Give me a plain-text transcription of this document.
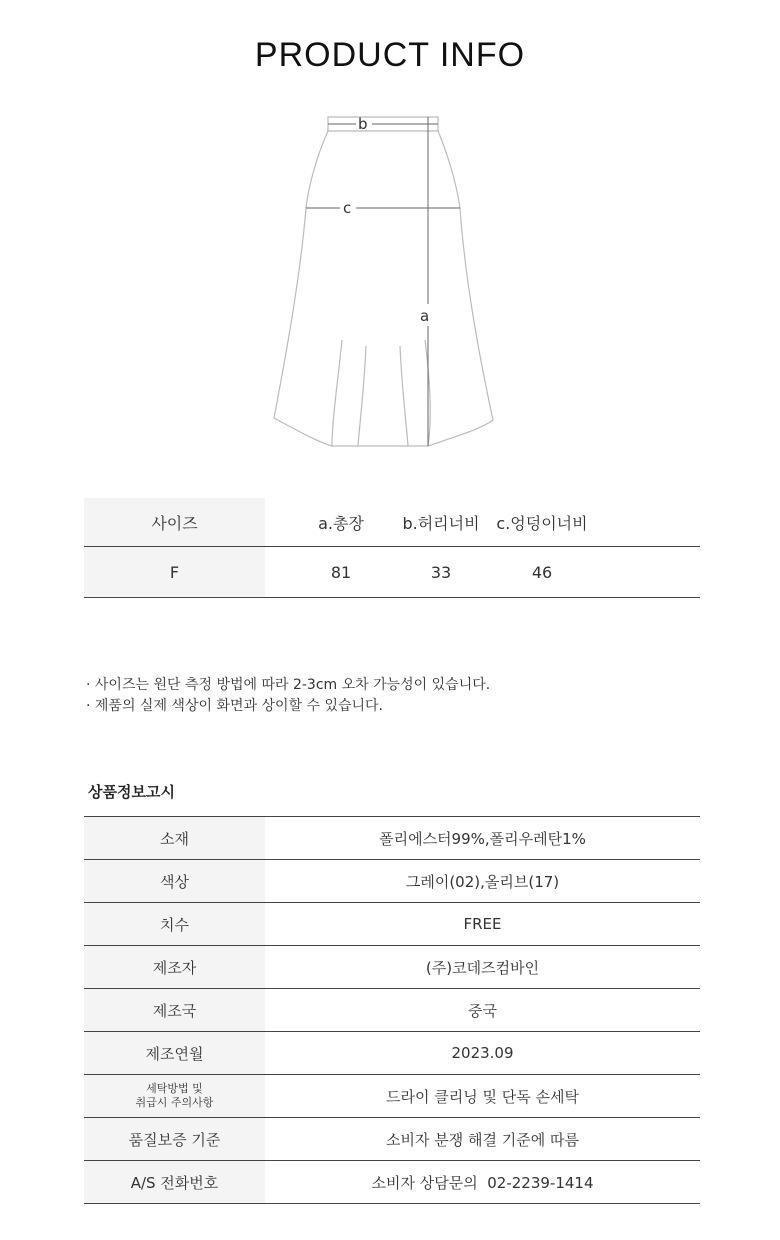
PRODUCT INFO
b
c
a
사이즈	a.총장	b.허리너비	c.엉덩이너비
F	81	33	46
· 사이즈는 원단 측정 방법에 따라 2-3cm 오차 가능성이 있습니다.
· 제품의 실제 색상이 화면과 상이할 수 있습니다.
상품정보고시
소재	폴리에스터99%,폴리우레탄1%
색상	그레이(02),올리브(17)
치수	FREE
제조자	(주)코데즈컴바인
제조국	중국
제조연월	2023.09
세탁방법 및
취급시 주의사항	드라이 클리닝 및 단독 손세탁
품질보증 기준	소비자 분쟁 해결 기준에 따름
A/S 전화번호	소비자 상담문의  02-2239-1414
